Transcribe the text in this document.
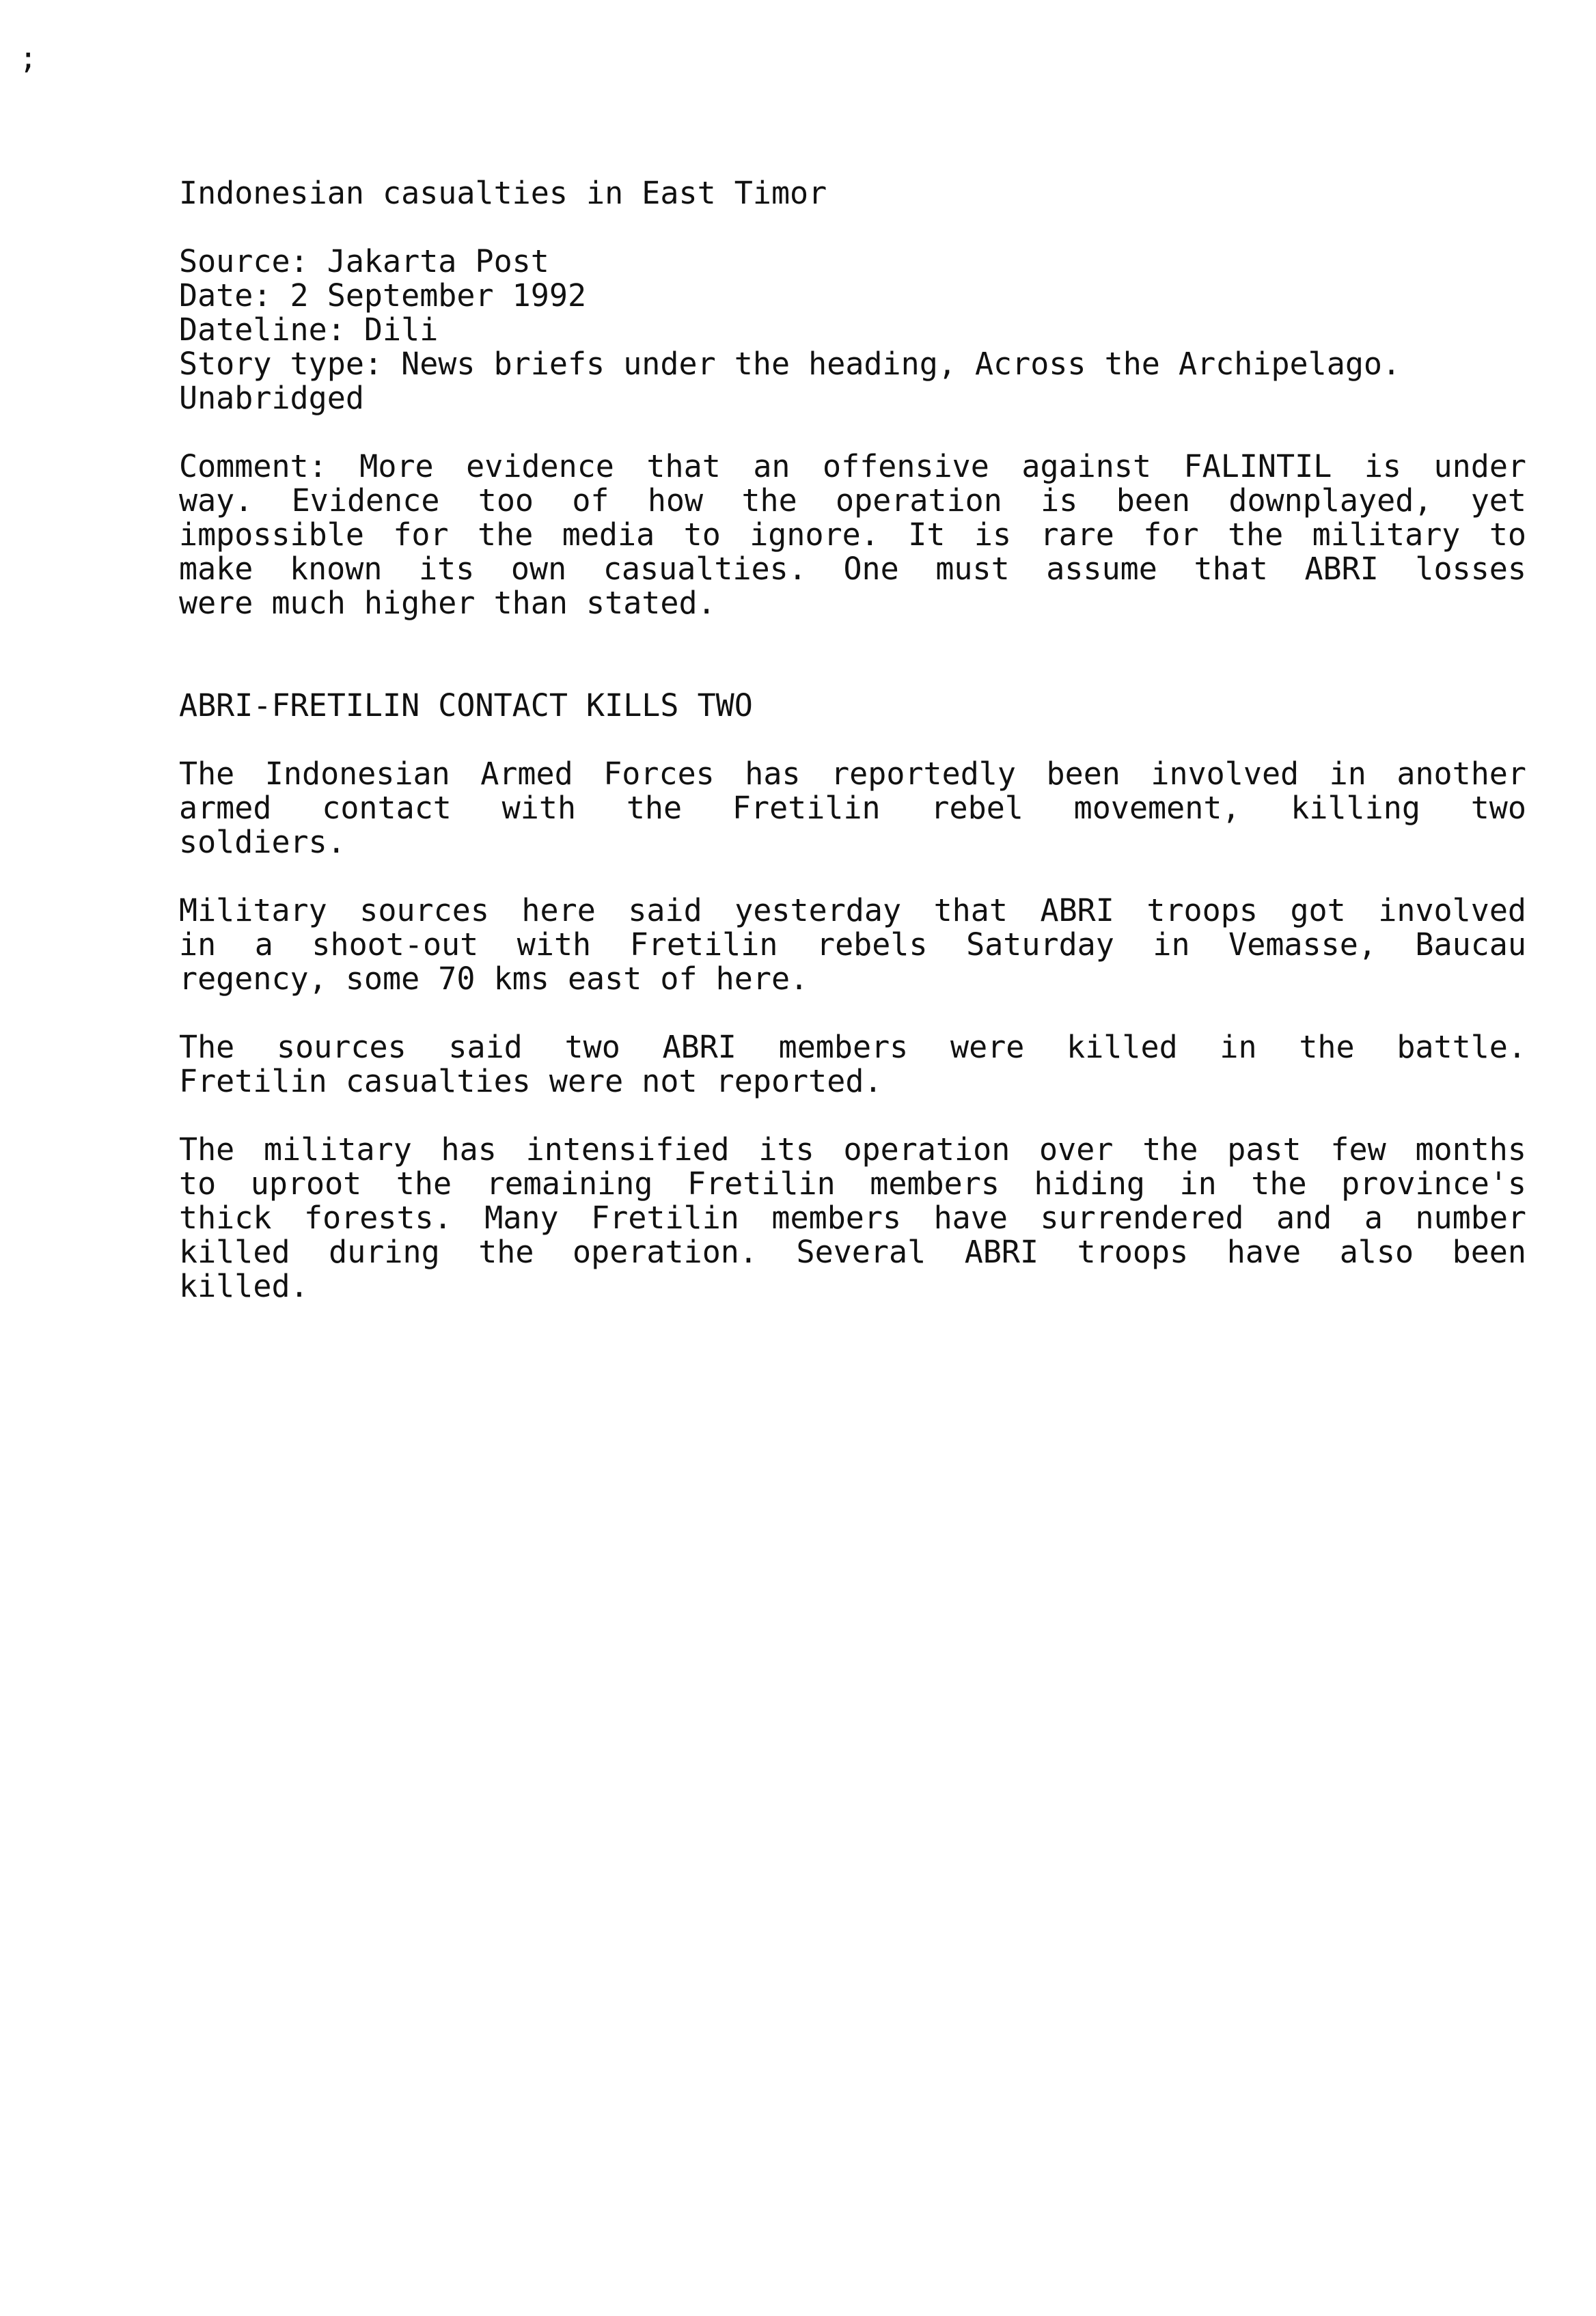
;
Indonesian casualties in East Timor
Source: Jakarta Post
Date: 2 September 1992
Dateline: Dili
Story type: News briefs under the heading, Across the Archipelago.
Unabridged
Comment: More evidence that an offensive against FALINTIL is under
way. Evidence too of how the operation is been downplayed, yet
impossible for the media to ignore. It is rare for the military to
make known its own casualties. One must assume that ABRI losses
were much higher than stated.
ABRI-FRETILIN CONTACT KILLS TWO
The Indonesian Armed Forces has reportedly been involved in another
armed contact with the Fretilin rebel movement, killing two
soldiers.
Military sources here said yesterday that ABRI troops got involved
in a shoot-out with Fretilin rebels Saturday in Vemasse, Baucau
regency, some 70 kms east of here.
The sources said two ABRI members were killed in the battle.
Fretilin casualties were not reported.
The military has intensified its operation over the past few months
to uproot the remaining Fretilin members hiding in the province's
thick forests. Many Fretilin members have surrendered and a number
killed during the operation. Several ABRI troops have also been
killed.
